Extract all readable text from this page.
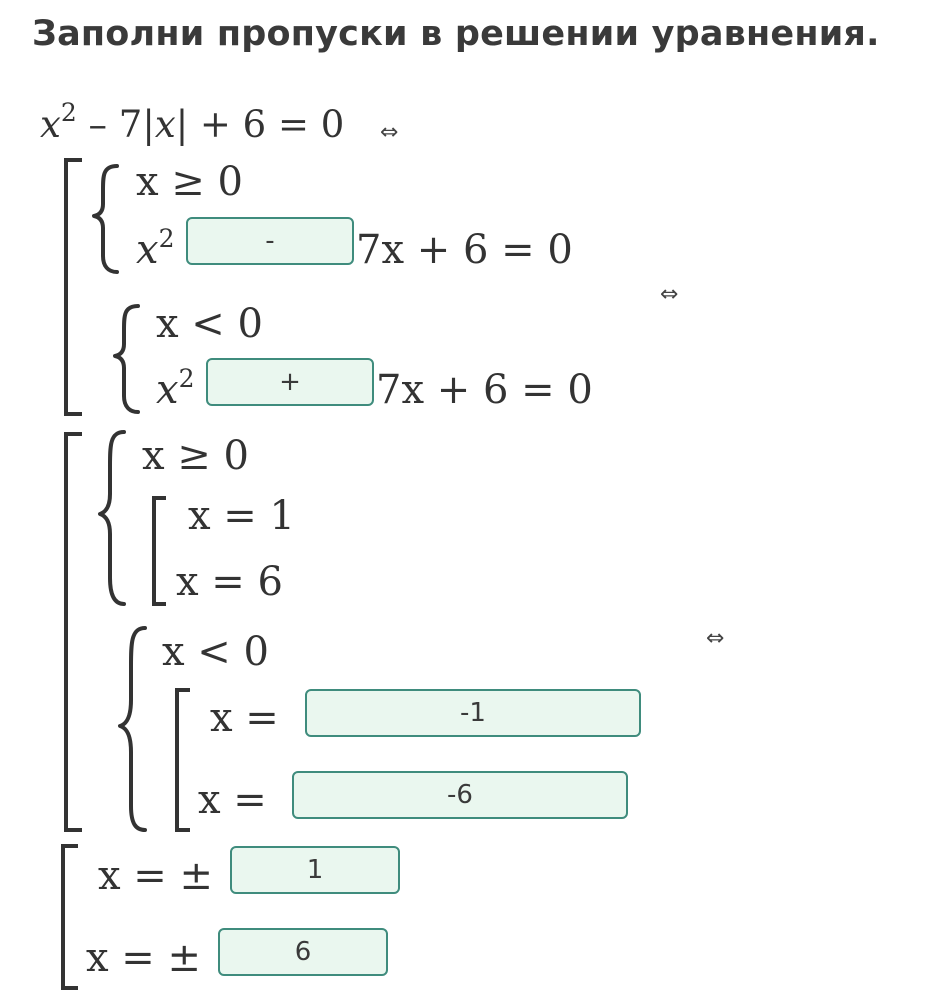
Заполни пропуски в решении уравнения.
$x^2 - 7|x| + 6 = 0$ ⇔
x ≥ 0
$x^2$	-	7x + 6 = 0
⇔
x < 0
$x^2$	+	7x + 6 = 0
x ≥ 0
x = 1
x = 6
⇔
x < 0
x =	-1
x =	-6
x = ±	1
x = ±	6
